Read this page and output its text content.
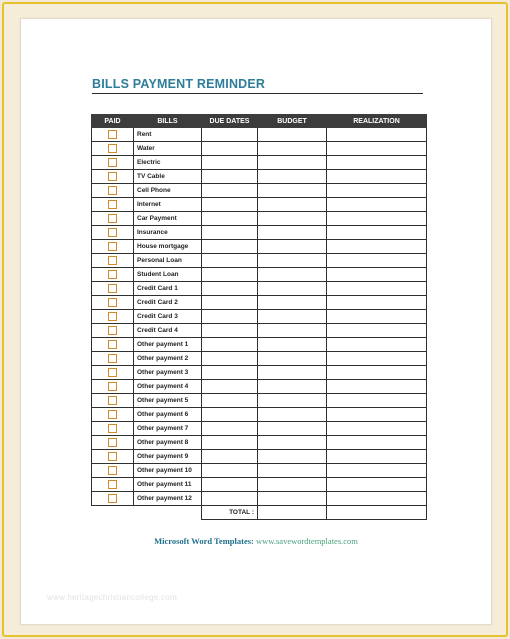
BILLS PAYMENT REMINDER
PAID	BILLS	DUE DATES	BUDGET	REALIZATION
	Rent			
	Water			
	Electric			
	TV Cable			
	Cell Phone			
	Internet			
	Car Payment			
	Insurance			
	House mortgage			
	Personal Loan			
	Student Loan			
	Credit Card 1			
	Credit Card 2			
	Credit Card 3			
	Credit Card 4			
	Other payment 1			
	Other payment 2			
	Other payment 3			
	Other payment 4			
	Other payment 5			
	Other payment 6			
	Other payment 7			
	Other payment 8			
	Other payment 9			
	Other payment 10			
	Other payment 11			
	Other payment 12			
		TOTAL :		
Microsoft Word Templates: www.savewordtemplates.com
www.heritagechristiancollege.com
